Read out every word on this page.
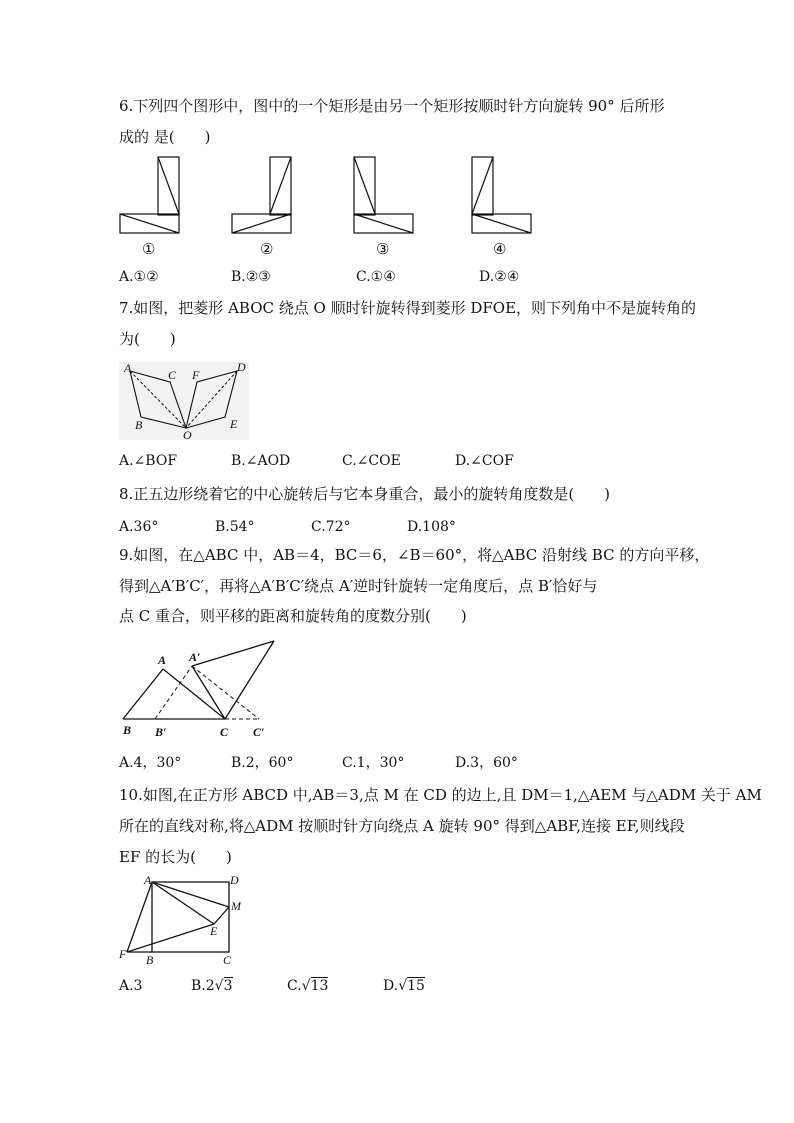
6.下列四个图形中，图中的一个矩形是由另一个矩形按顺时针方向旋转 90° 后所形
成的 是(　　)
①	②	③	④
A.①②	B.②③	C.①④	D.②④
7.如图，把菱形 ABOC 绕点 O 顺时针旋转得到菱形 DFOE，则下列角中不是旋转角的
为(　　)
A	C F
D
B
O
E
A.∠BOF	B.∠AOD	C.∠COE	D.∠COF
8.正五边形绕着它的中心旋转后与它本身重合，最小的旋转角度数是(　　)
A.36°	B.54°	C.72°	D.108°
9.如图，在△ABC 中，AB＝4，BC＝6，∠B＝60°，将△ABC 沿射线 BC 的方向平移，
得到△A′B′C′，再将△A′B′C′绕点 A′逆时针旋转一定角度后，点 B′恰好与
点 C 重合，则平移的距离和旋转角的度数分别(　　)
A A′
B B′	C C′
A.4，30°	B.2，60°	C.1，30°	D.3，60°
10.如图,在正方形 ABCD 中,AB＝3,点 M 在 CD 的边上,且 DM＝1,△AEM 与△ADM 关于 AM
所在的直线对称,将△ADM 按顺时针方向绕点 A 旋转 90° 得到△ABF,连接 EF,则线段
EF 的长为(　　)
A	D
M
E
F B	C
A.3	B.2√3	C.√13	D.√15
